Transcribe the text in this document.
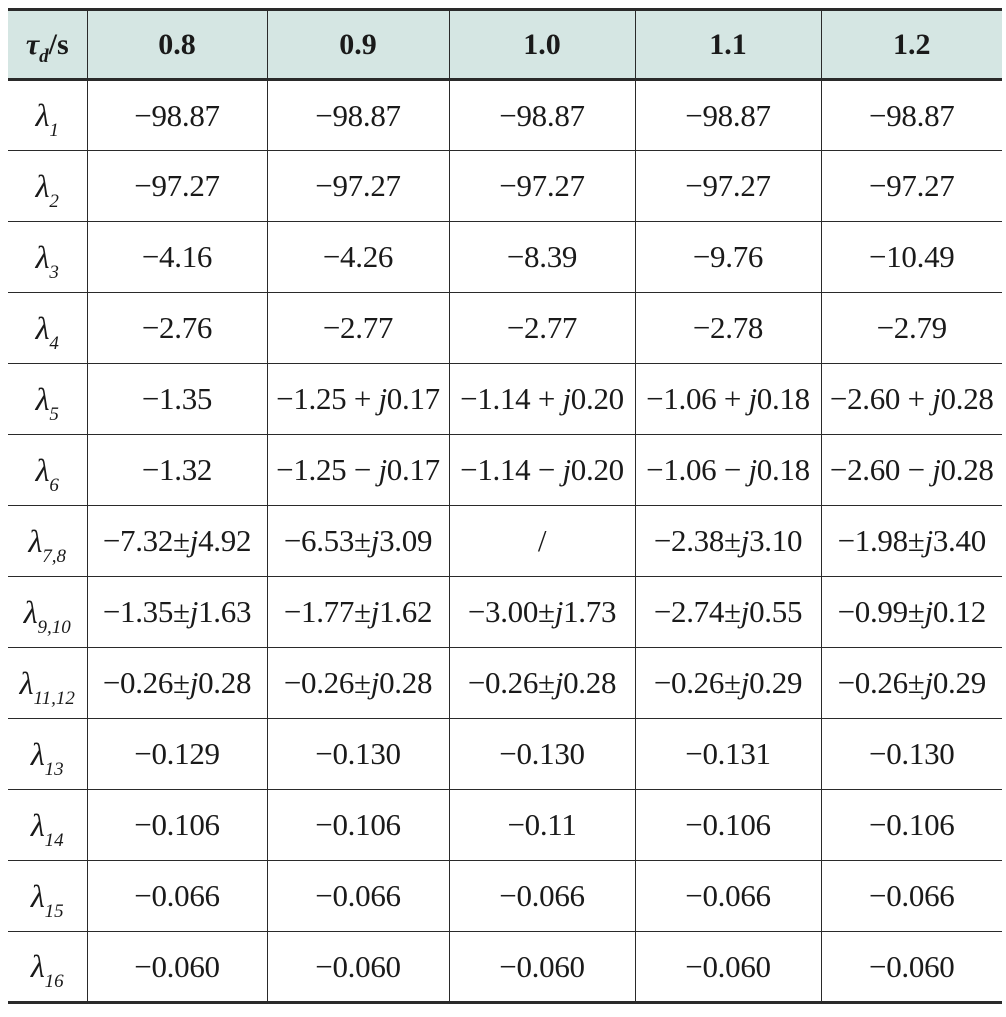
$\tau_d/s$	0.8	0.9	1.0	1.1	1.2
$\lambda_1$	−98.87	−98.87	−98.87	−98.87	−98.87
$\lambda_2$	−97.27	−97.27	−97.27	−97.27	−97.27
$\lambda_3$	−4.16	−4.26	−8.39	−9.76	−10.49
$\lambda_4$	−2.76	−2.77	−2.77	−2.78	−2.79
$\lambda_5$	−1.35	−1.25 + j0.17	−1.14 + j0.20	−1.06 + j0.18	−2.60 + j0.28
$\lambda_6$	−1.32	−1.25 − j0.17	−1.14 − j0.20	−1.06 − j0.18	−2.60 − j0.28
$\lambda_{7,8}$	−7.32±j4.92	−6.53±j3.09	/	−2.38±j3.10	−1.98±j3.40
$\lambda_{9,10}$	−1.35±j1.63	−1.77±j1.62	−3.00±j1.73	−2.74±j0.55	−0.99±j0.12
$\lambda_{11,12}$	−0.26±j0.28	−0.26±j0.28	−0.26±j0.28	−0.26±j0.29	−0.26±j0.29
$\lambda_{13}$	−0.129	−0.130	−0.130	−0.131	−0.130
$\lambda_{14}$	−0.106	−0.106	−0.11	−0.106	−0.106
$\lambda_{15}$	−0.066	−0.066	−0.066	−0.066	−0.066
$\lambda_{16}$	−0.060	−0.060	−0.060	−0.060	−0.060
